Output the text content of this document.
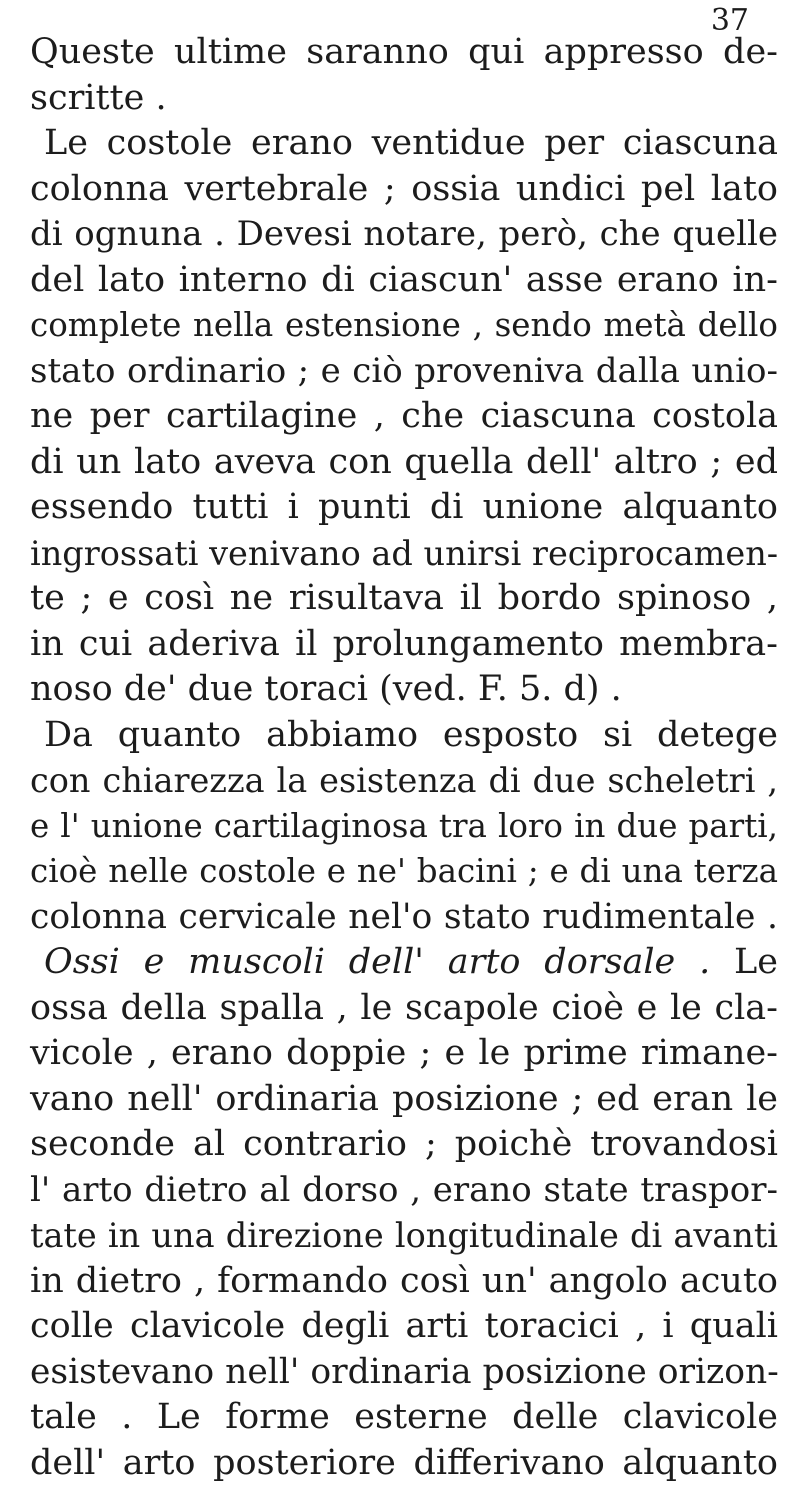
37
Queste ultime saranno qui appresso de-
scritte .
Le costole erano ventidue per ciascuna
colonna vertebrale ; ossia undici pel lato
di ognuna . Devesi notare, però, che quelle
del lato interno di ciascun' asse erano in-
complete nella estensione , sendo metà dello
stato ordinario ; e ciò proveniva dalla unio-
ne per cartilagine , che ciascuna costola
di un lato aveva con quella dell' altro ; ed
essendo tutti i punti di unione alquanto
ingrossati venivano ad unirsi reciprocamen-
te ; e così ne risultava il bordo spinoso ,
in cui aderiva il prolungamento membra-
noso de' due toraci (ved. F. 5. d) .
Da quanto abbiamo esposto si detege
con chiarezza la esistenza di due scheletri ,
e l' unione cartilaginosa tra loro in due parti,
cioè nelle costole e ne' bacini ; e di una terza
colonna cervicale nel'o stato rudimentale .
Ossi e muscoli dell' arto dorsale . Le
ossa della spalla , le scapole cioè e le cla-
vicole , erano doppie ; e le prime rimane-
vano nell' ordinaria posizione ; ed eran le
seconde al contrario ; poichè trovandosi
l' arto dietro al dorso , erano state traspor-
tate in una direzione longitudinale di avanti
in dietro , formando così un' angolo acuto
colle clavicole degli arti toracici , i quali
esistevano nell' ordinaria posizione orizon-
tale . Le forme esterne delle clavicole
dell' arto posteriore differivano alquanto
